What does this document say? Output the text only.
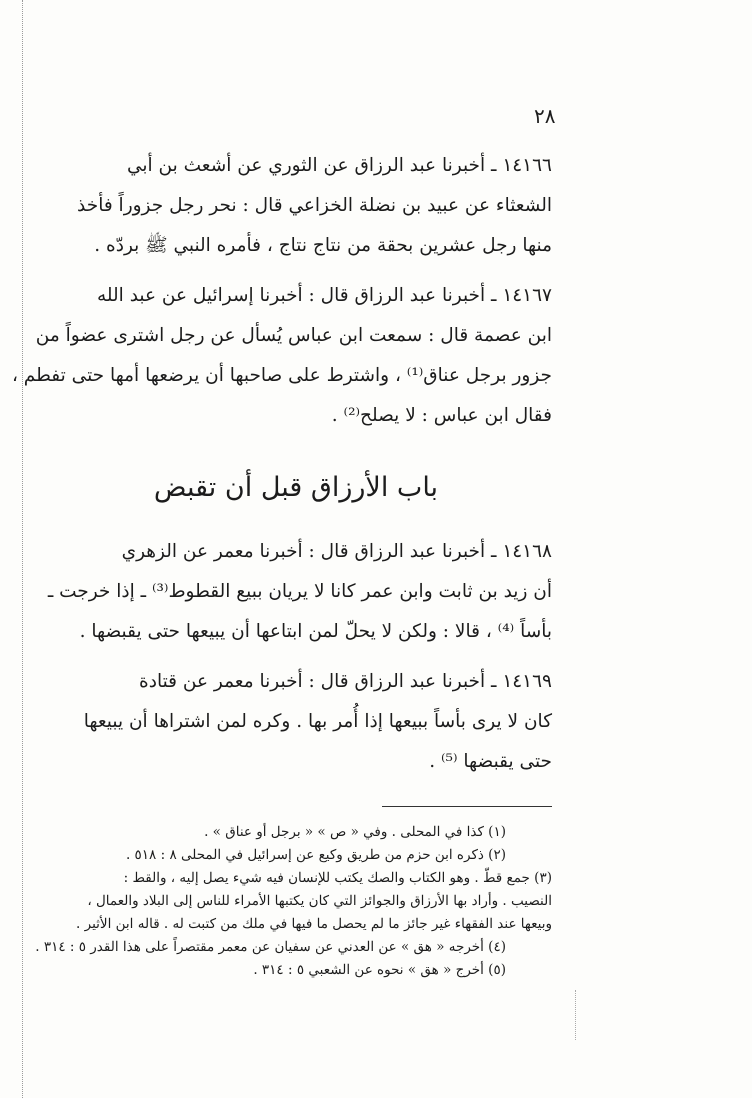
٢٨
١٤١٦٦ ـ أخبرنا عبد الرزاق عن الثوري عن أشعث بن أبي
الشعثاء عن عبيد بن نضلة الخزاعي قال : نحر رجل جزوراً فأخذ
منها رجل عشرين بحقة من نتاج نتاج ، فأمره النبي ﷺ بردّه .
١٤١٦٧ ـ أخبرنا عبد الرزاق قال : أخبرنا إسرائيل عن عبد الله
ابن عصمة قال : سمعت ابن عباس يُسأل عن رجل اشترى عضواً من
جزور برجل عناق⁽¹⁾ ، واشترط على صاحبها أن يرضعها أمها حتى تفطم ،
فقال ابن عباس : لا يصلح⁽²⁾ .
باب الأرزاق قبل أن تقبض
١٤١٦٨ ـ أخبرنا عبد الرزاق قال : أخبرنا معمر عن الزهري
أن زيد بن ثابت وابن عمر كانا لا يريان ببيع القطوط⁽³⁾ ـ إذا خرجت ـ
بأساً ⁽⁴⁾ ، قالا : ولكن لا يحلّ لمن ابتاعها أن يبيعها حتى يقبضها .
١٤١٦٩ ـ أخبرنا عبد الرزاق قال : أخبرنا معمر عن قتادة
كان لا يرى بأساً ببيعها إذا أُمر بها . وكره لمن اشتراها أن يبيعها
حتى يقبضها ⁽⁵⁾ .
(١) كذا في المحلى . وفي « ص » « برجل أو عناق » .
(٢) ذكره ابن حزم من طريق وكيع عن إسرائيل في المحلى ٨ : ٥١٨ .
(٣) جمع قطّ . وهو الكتاب والصك يكتب للإنسان فيه شيء يصل إليه ، والقط :
النصيب . وأراد بها الأرزاق والجوائز التي كان يكتبها الأمراء للناس إلى البلاد والعمال ،
وبيعها عند الفقهاء غير جائز ما لم يحصل ما فيها في ملك من كتبت له . قاله ابن الأثير .
(٤) أخرجه « هق » عن العدني عن سفيان عن معمر مقتصراً على هذا القدر ٥ : ٣١٤ .
(٥) أخرج « هق » نحوه عن الشعبي ٥ : ٣١٤ .
